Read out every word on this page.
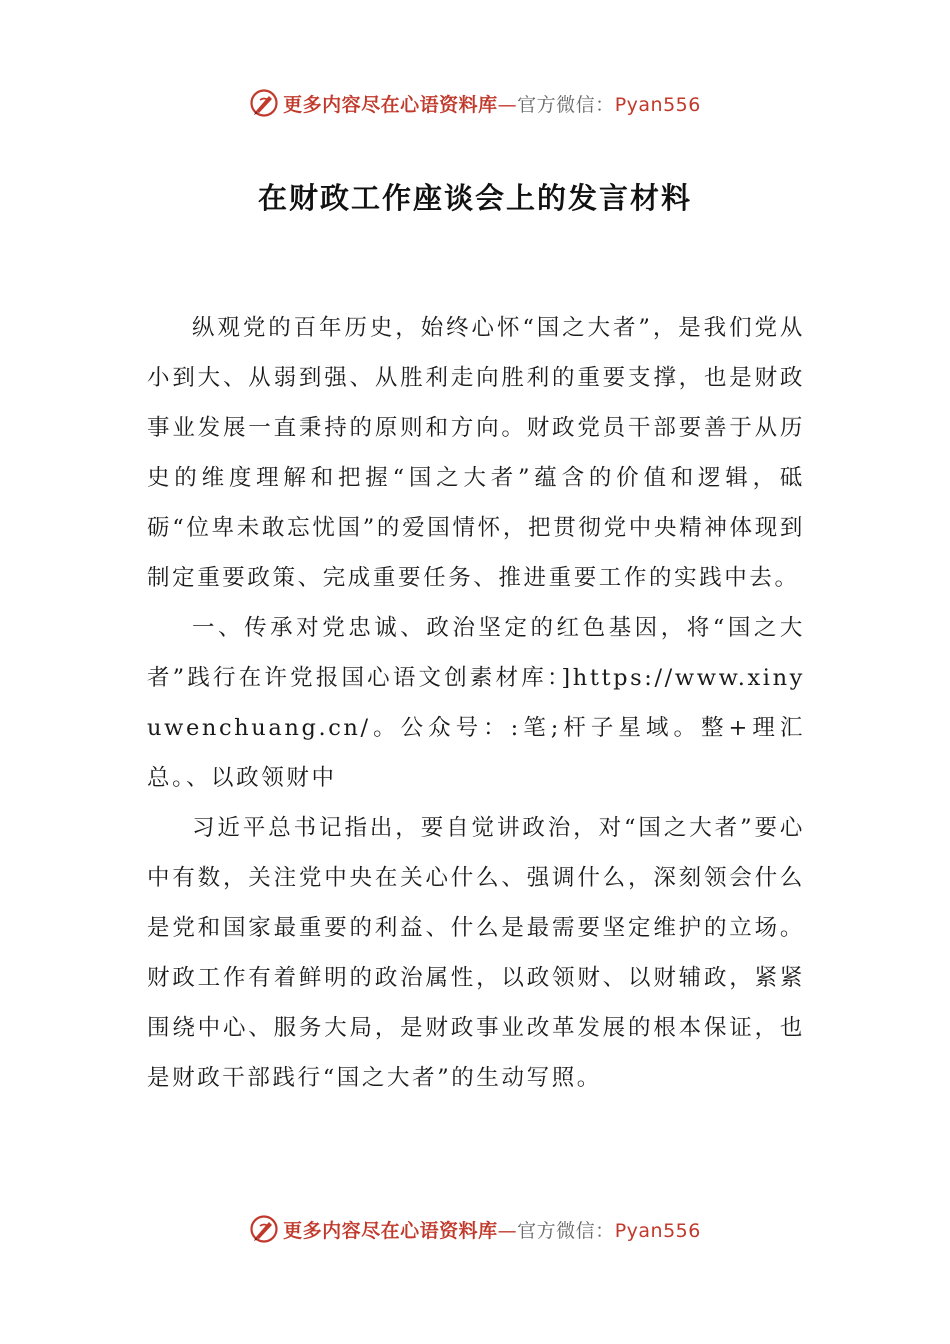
更多内容尽在心语资料库—官方微信：Pyan556
在财政工作座谈会上的发言材料

纵观党的百年历史，始终心怀“国之大者”，是我们党从小到大、从弱到强、从胜利走向胜利的重要支撑，也是财政事业发展一直秉持的原则和方向。财政党员干部要善于从历史的维度理解和把握“国之大者”蕴含的价值和逻辑，砥砺“位卑未敢忘忧国”的爱国情怀，把贯彻党中央精神体现到制定重要政策、完成重要任务、推进重要工作的实践中去。

一、传承对党忠诚、政治坚定的红色基因，将“国之大者”践行在许党报国心语文创素材库：]https://www.xinyuwenchuang.cn/。公众号：:笔;杆子星域。整+理汇总。、以政领财中

习近平总书记指出，要自觉讲政治，对“国之大者”要心中有数，关注党中央在关心什么、强调什么，深刻领会什么是党和国家最重要的利益、什么是最需要坚定维护的立场。财政工作有着鲜明的政治属性，以政领财、以财辅政，紧紧围绕中心、服务大局，是财政事业改革发展的根本保证，也是财政干部践行“国之大者”的生动写照。

更多内容尽在心语资料库—官方微信：Pyan556
